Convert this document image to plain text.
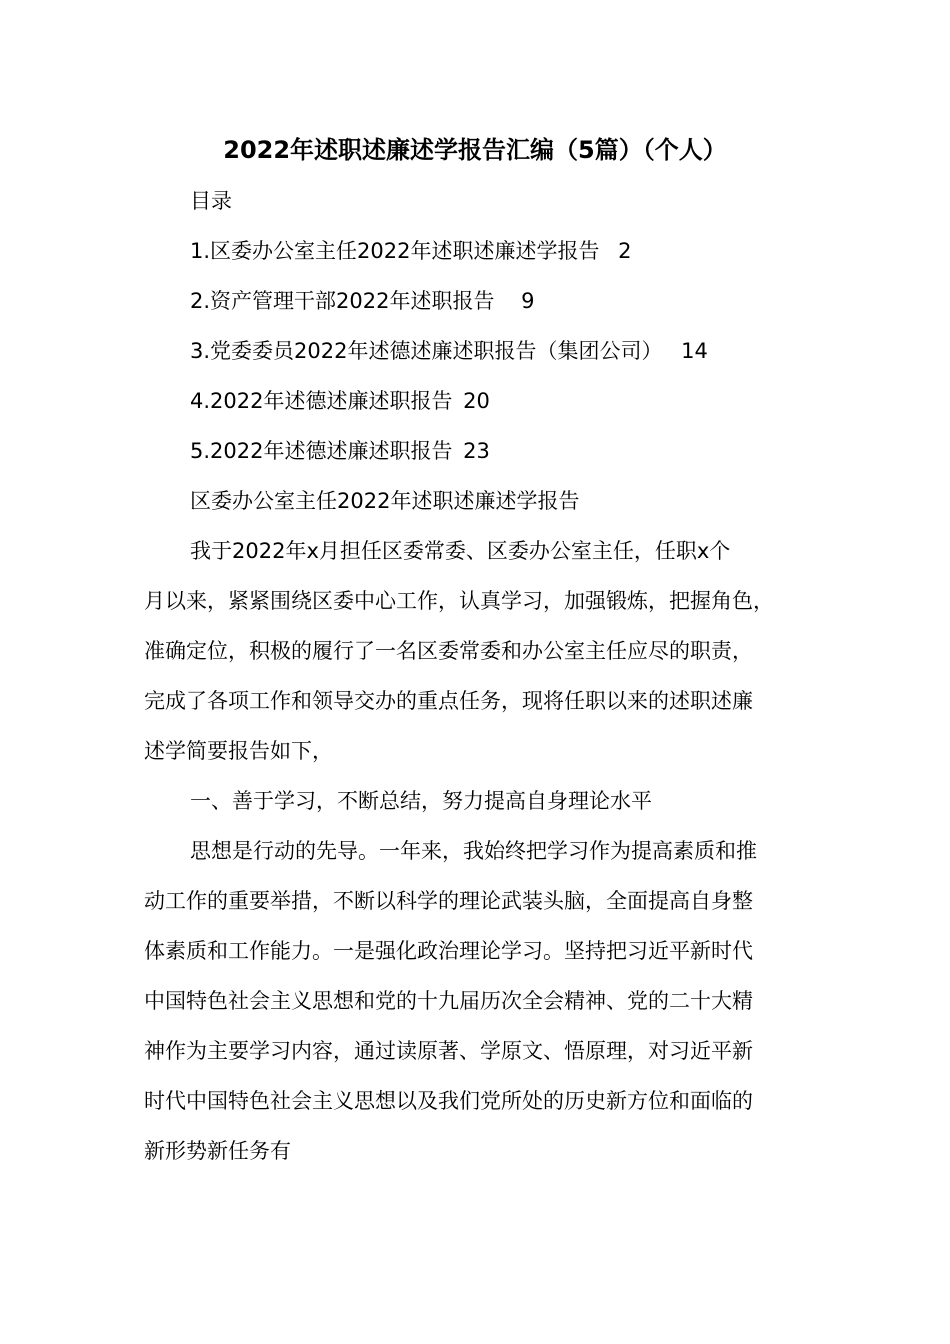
2022年述职述廉述学报告汇编（5篇）（个人）
目录
1.区委办公室主任2022年述职述廉述学报告 2
2.资产管理干部2022年述职报告 9
3.党委委员2022年述德述廉述职报告（集团公司） 14
4.2022年述德述廉述职报告 20
5.2022年述德述廉述职报告 23
区委办公室主任2022年述职述廉述学报告
我于2022年x月担任区委常委、区委办公室主任，任职x个
月以来，紧紧围绕区委中心工作，认真学习，加强锻炼，把握角色，
准确定位，积极的履行了一名区委常委和办公室主任应尽的职责，
完成了各项工作和领导交办的重点任务，现将任职以来的述职述廉
述学简要报告如下，
一、善于学习，不断总结，努力提高自身理论水平
思想是行动的先导。一年来，我始终把学习作为提高素质和推
动工作的重要举措，不断以科学的理论武装头脑，全面提高自身整
体素质和工作能力。一是强化政治理论学习。坚持把习近平新时代
中国特色社会主义思想和党的十九届历次全会精神、党的二十大精
神作为主要学习内容，通过读原著、学原文、悟原理，对习近平新
时代中国特色社会主义思想以及我们党所处的历史新方位和面临的
新形势新任务有
